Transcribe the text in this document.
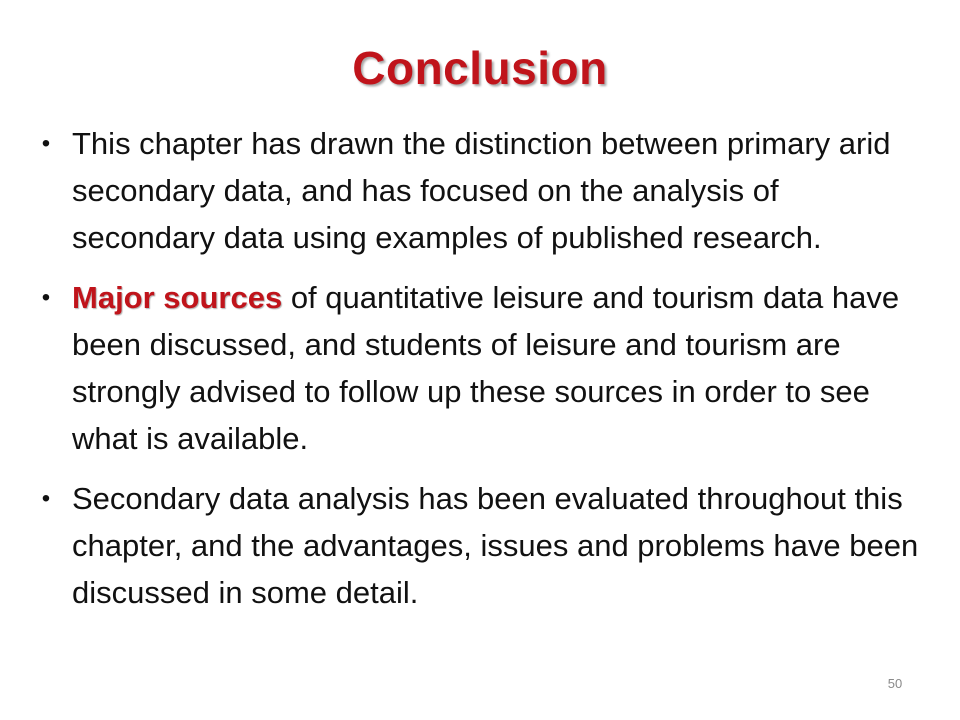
Conclusion
• This chapter has drawn the distinction between primary arid secondary data, and has focused on the analysis of secondary data using examples of published research.
• Major sources of quantitative leisure and tourism data have been discussed, and students of leisure and tourism are strongly advised to follow up these sources in order to see what is available.
• Secondary data analysis has been evaluated throughout this chapter, and the advantages, issues and problems have been discussed in some detail.
50
